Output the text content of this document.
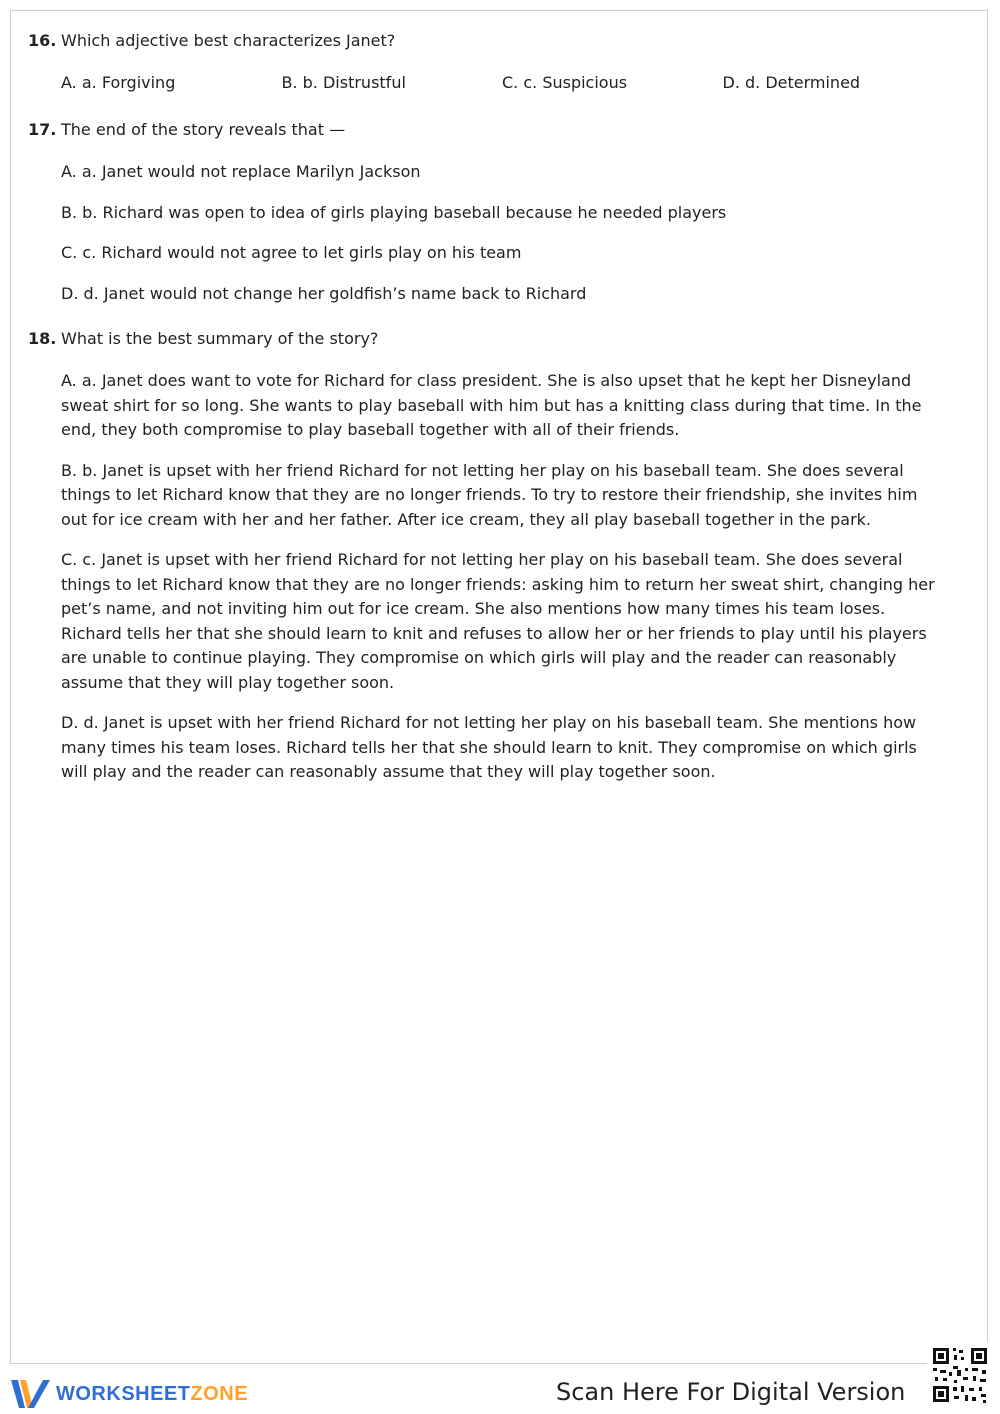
16. Which adjective best characterizes Janet?
A. a. Forgiving	B. b. Distrustful	C. c. Suspicious	D. d. Determined
17. The end of the story reveals that —
A. a. Janet would not replace Marilyn Jackson
B. b. Richard was open to idea of girls playing baseball because he needed players
C. c. Richard would not agree to let girls play on his team
D. d. Janet would not change her goldfish’s name back to Richard
18. What is the best summary of the story?
A. a. Janet does want to vote for Richard for class president. She is also upset that he kept her Disneyland sweat shirt for so long. She wants to play baseball with him but has a knitting class during that time. In the end, they both compromise to play baseball together with all of their friends.
B. b. Janet is upset with her friend Richard for not letting her play on his baseball team. She does several things to let Richard know that they are no longer friends. To try to restore their friendship, she invites him out for ice cream with her and her father. After ice cream, they all play baseball together in the park.
C. c. Janet is upset with her friend Richard for not letting her play on his baseball team. She does several things to let Richard know that they are no longer friends: asking him to return her sweat shirt, changing her pet’s name, and not inviting him out for ice cream. She also mentions how many times his team loses. Richard tells her that she should learn to knit and refuses to allow her or her friends to play until his players are unable to continue playing. They compromise on which girls will play and the reader can reasonably assume that they will play together soon.
D. d. Janet is upset with her friend Richard for not letting her play on his baseball team. She mentions how many times his team loses. Richard tells her that she should learn to knit. They compromise on which girls will play and the reader can reasonably assume that they will play together soon.
WORKSHEETZONE	Scan Here For Digital Version
